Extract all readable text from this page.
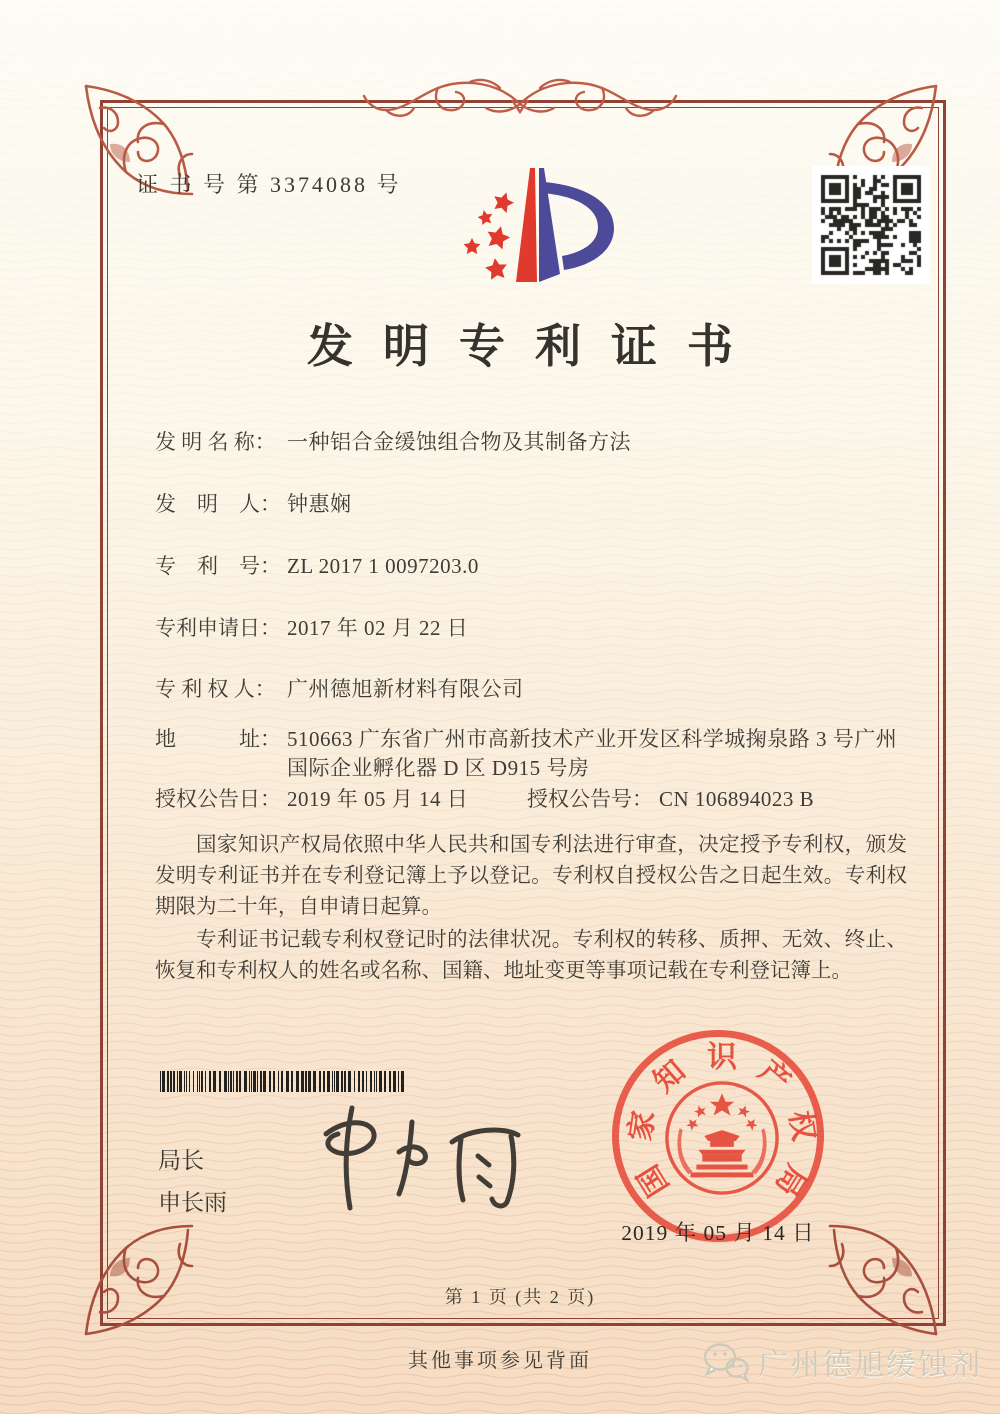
证 书 号 第 3374088 号
发明专利证书
发 明 名 称： 一种铝合金缓蚀组合物及其制备方法
发　明　人： 钟惠娴
专　利　号： ZL 2017 1 0097203.0
专利申请日： 2017 年 02 月 22 日
专 利 权 人： 广州德旭新材料有限公司
地　　　址： 510663 广东省广州市高新技术产业开发区科学城掬泉路 3 号广州国际企业孵化器 D 区 D915 号房
授权公告日： 2019 年 05 月 14 日	授权公告号： CN 106894023 B

国家知识产权局依照中华人民共和国专利法进行审查，决定授予专利权，颁发发明专利证书并在专利登记簿上予以登记。专利权自授权公告之日起生效。专利权期限为二十年，自申请日起算。

专利证书记载专利权登记时的法律状况。专利权的转移、质押、无效、终止、恢复和专利权人的姓名或名称、国籍、地址变更等事项记载在专利登记簿上。

局长
申长雨
国
家
知 识 产
权
局
2019 年 05 月 14 日
第 1 页 (共 2 页)
其他事项参见背面	广州德旭缓蚀剂
